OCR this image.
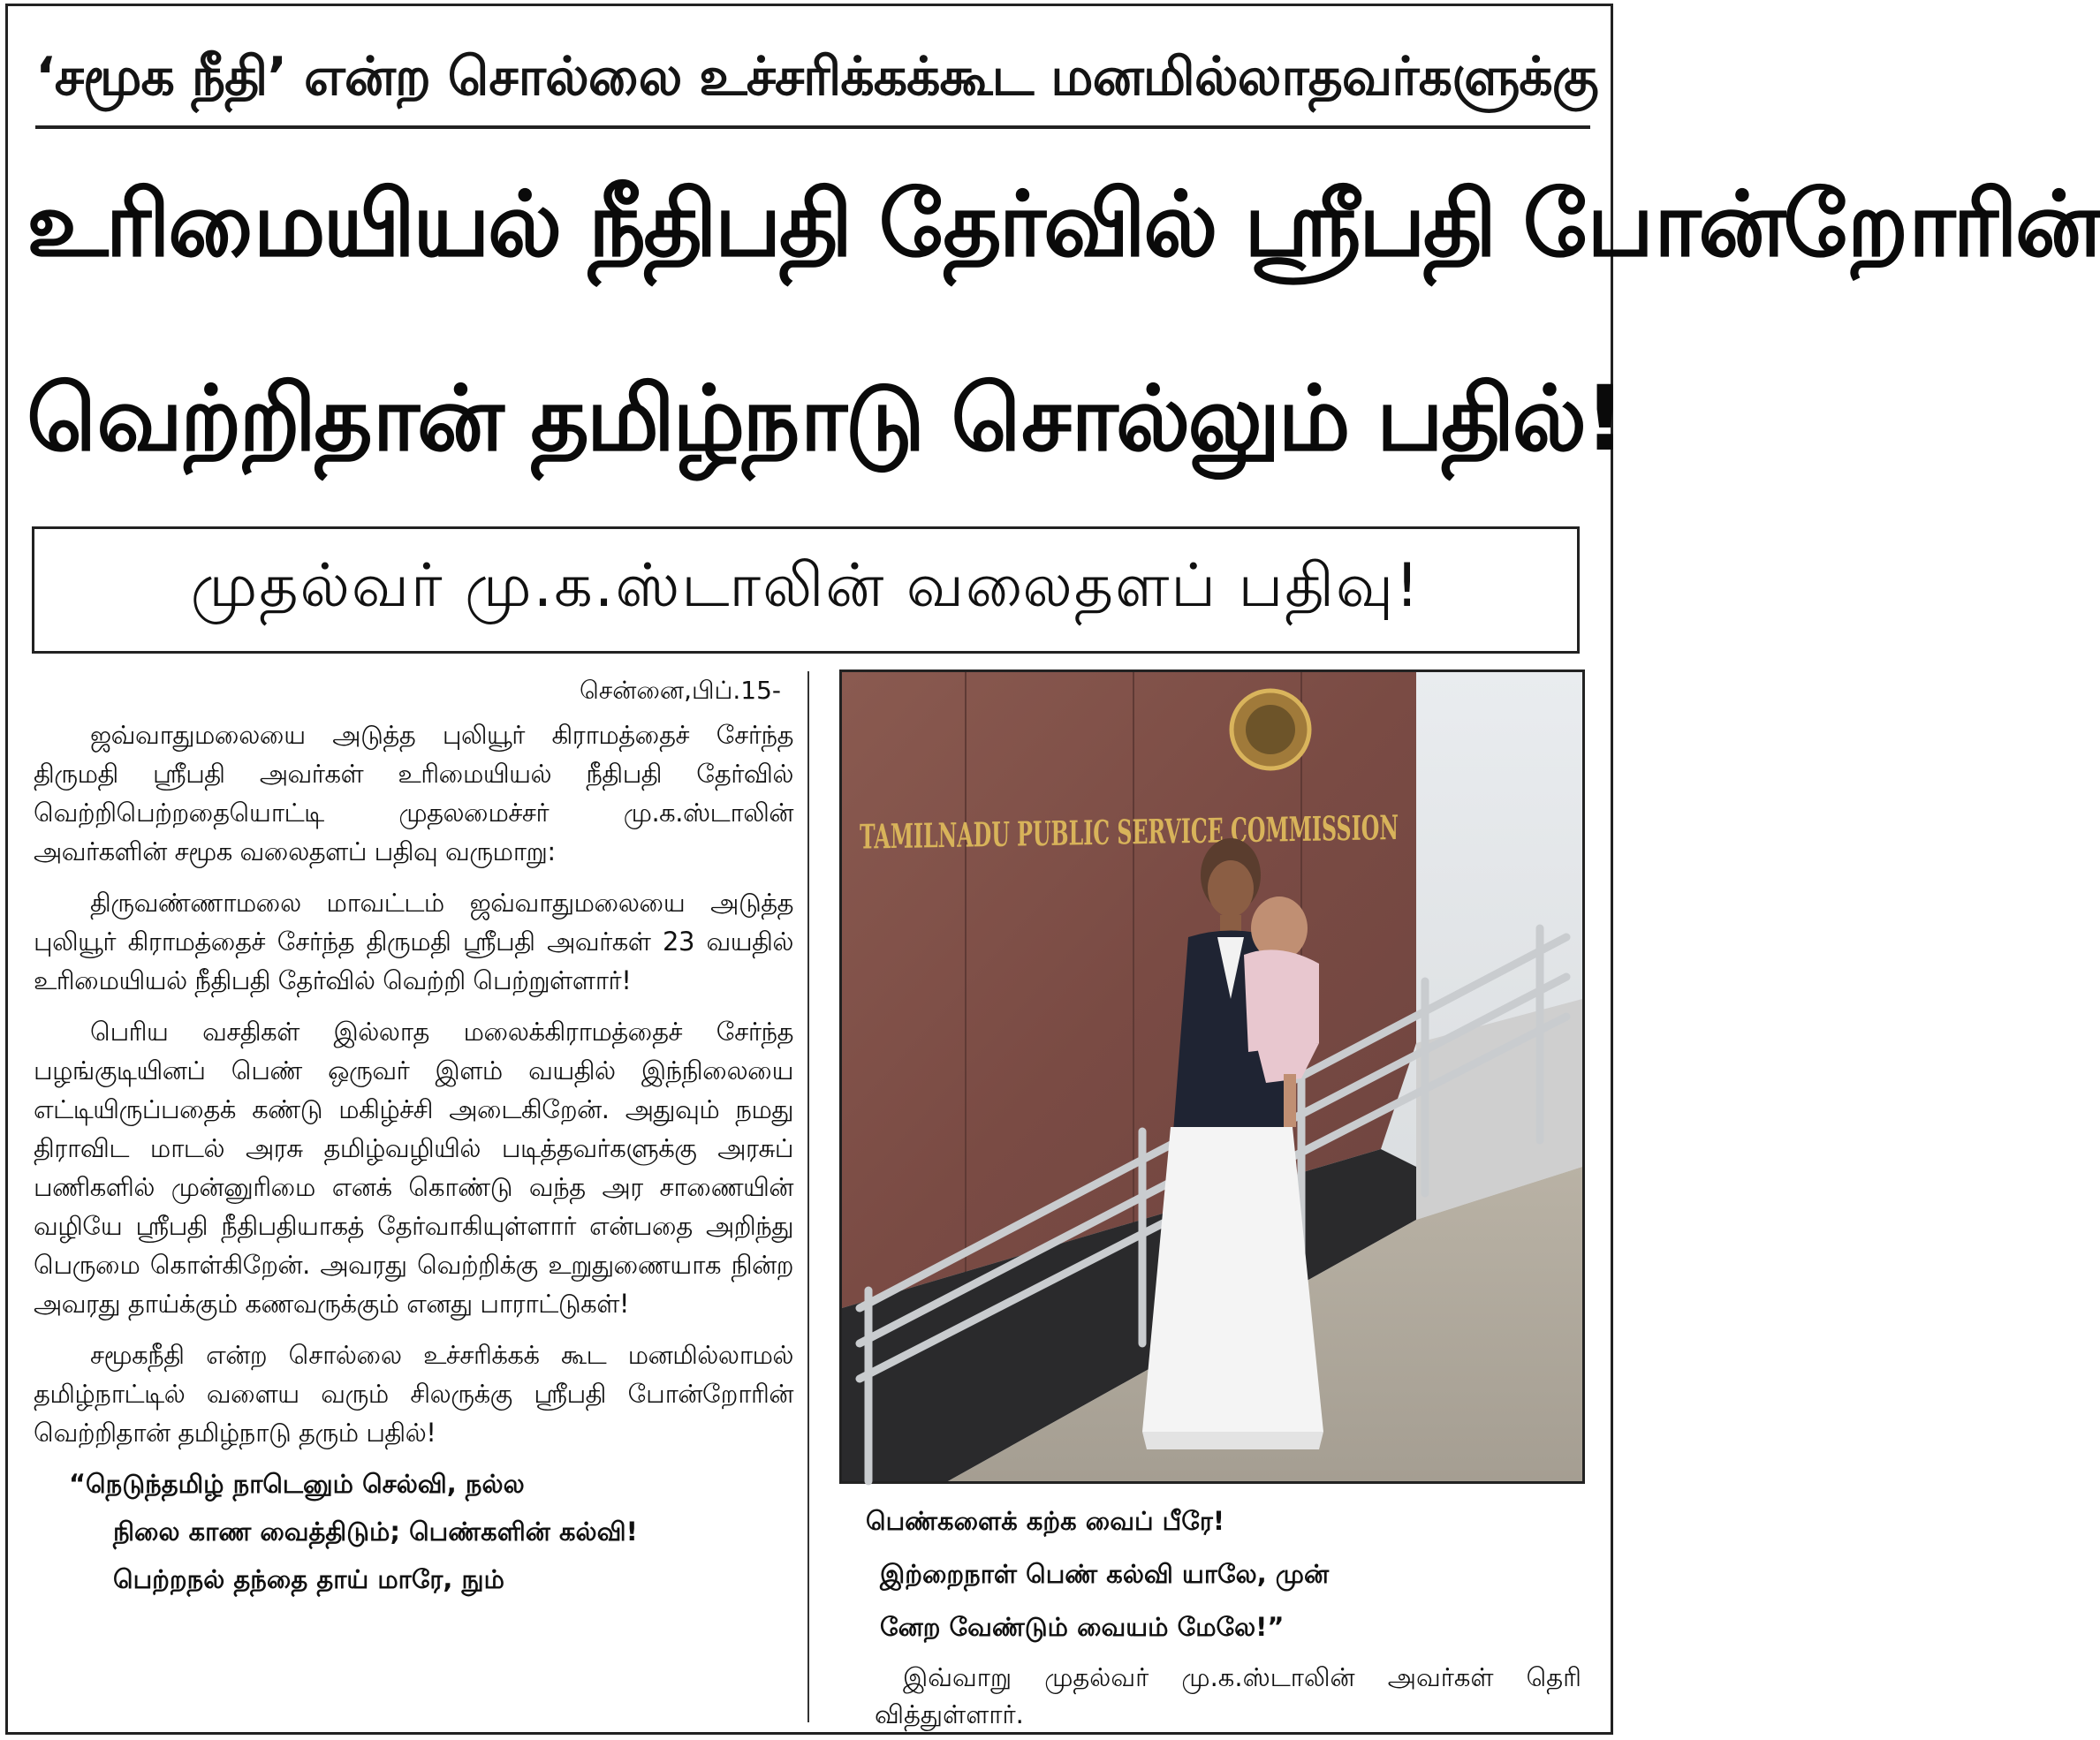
‘சமூக நீதி’ என்ற சொல்லை உச்சரிக்கக்கூட மனமில்லாதவர்களுக்கு
உரிமையியல் நீதிபதி தேர்வில் ஸ்ரீபதி போன்றோரின்
வெற்றிதான் தமிழ்நாடு சொல்லும் பதில்!
முதல்வர் மு.க.ஸ்டாலின் வலைதளப் பதிவு!
சென்னை,பிப்.15-

ஜவ்வாதுமலையை அடுத்த புலியூர் கிராமத்தைச் சேர்ந்த திருமதி ஸ்ரீபதி அவர்கள் உரிமையியல் நீதிபதி தேர்வில் வெற்றிபெற்றதையொட்டி முதலமைச்சர் மு.க.ஸ்டாலின் அவர்களின் சமூக வலைதளப் பதிவு வருமாறு:

திருவண்ணாமலை மாவட்டம் ஜவ்வாதுமலையை அடுத்த புலியூர் கிராமத்தைச் சேர்ந்த திருமதி ஸ்ரீபதி அவர்கள் 23 வயதில் உரிமையியல் நீதிபதி தேர்வில் வெற்றி பெற்றுள்ளார்!

பெரிய வசதிகள் இல்லாத மலைக்கிராமத்தைச் சேர்ந்த பழங்குடியினப் பெண் ஒருவர் இளம் வயதில் இந்நிலையை எட்டியிருப்பதைக் கண்டு மகிழ்ச்சி அடைகிறேன். அதுவும் நமது திராவிட மாடல் அரசு தமிழ்வழியில் படித்தவர்களுக்கு அரசுப் பணிகளில் முன்னுரிமை எனக் கொண்டு வந்த அர சாணையின் வழியே ஸ்ரீபதி நீதிபதியாகத் தேர்வாகியுள்ளார் என்பதை அறிந்து பெருமை கொள்கிறேன். அவரது வெற்றிக்கு உறுதுணையாக நின்ற அவரது தாய்க்கும் கணவருக்கும் எனது பாராட்டுகள்!

சமூகநீதி என்ற சொல்லை உச்சரிக்கக் கூட மனமில்லாமல் தமிழ்நாட்டில் வளைய வரும் சிலருக்கு ஸ்ரீபதி போன்றோரின் வெற்றிதான் தமிழ்நாடு தரும் பதில்!

“நெடுந்தமிழ் நாடெனும் செல்வி, நல்ல
நிலை காண வைத்திடும்; பெண்களின் கல்வி!
பெற்றநல் தந்தை தாய் மாரே, நும்
TAMILNADU PUBLIC SERVICE COMMISSION
பெண்களைக் கற்க வைப் பீரே!
இற்றைநாள் பெண் கல்வி யாலே, முன்
னேற வேண்டும் வையம் மேலே!”
இவ்வாறு முதல்வர் மு.க.ஸ்டாலின் அவர்கள் தெரி
வித்துள்ளார்.
